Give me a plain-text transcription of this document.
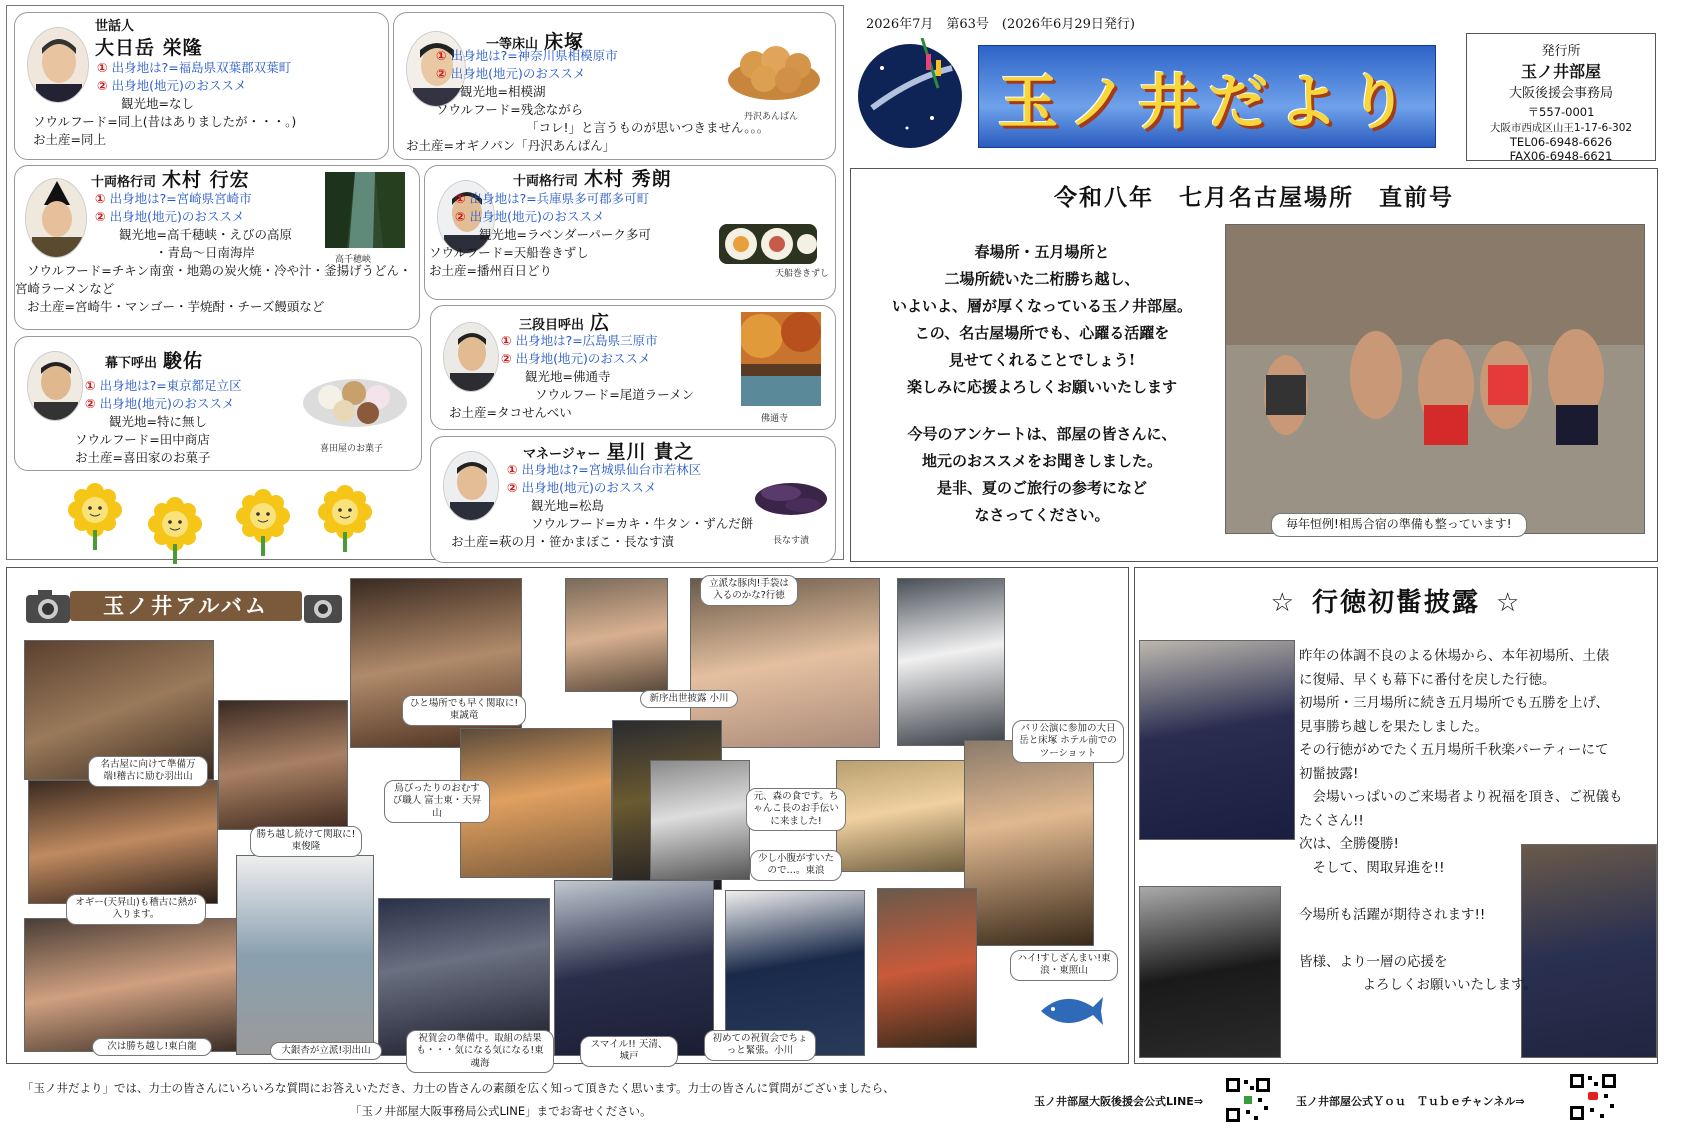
世話人
大日岳 栄隆
① 出身地は?=福島県双葉郡双葉町
② 出身地(地元)のおススメ
観光地=なし
ソウルフード=同上(昔はありましたが・・・。)
お土産=同上
一等床山 床塚
① 出身地は?=神奈川県相模原市
② 出身地(地元)のおススメ
観光地=相模湖
ソウルフード=残念ながら
「コレ!」と言うものが思いつきません。。。
お土産=オギノパン「丹沢あんぱん」
丹沢あんぱん
十両格行司 木村 行宏
① 出身地は?=宮崎県宮崎市
② 出身地(地元)のおススメ
観光地=高千穂峡・えびの高原
・青島～日南海岸
ソウルフード=チキン南蛮・地鶏の炭火焼・冷や汁・釜揚げうどん・
宮崎ラーメンなど
お土産=宮崎牛・マンゴー・芋焼酎・チーズ饅頭など
高千穂峡
十両格行司 木村 秀朗
① 出身地は?=兵庫県多可郡多可町
② 出身地(地元)のおススメ
観光地=ラベンダーパーク多可
ソウルフード=天船巻きずし
お土産=播州百日どり	天船巻きずし
三段目呼出 広
① 出身地は?=広島県三原市
② 出身地(地元)のおススメ
観光地=佛通寺
ソウルフード=尾道ラーメン
お土産=タコせんべい	佛通寺
幕下呼出 駿佑
① 出身地は?=東京都足立区
② 出身地(地元)のおススメ
観光地=特に無し
ソウルフード=田中商店
お土産=喜田家のお菓子
喜田屋のお菓子	マネージャー 星川 貴之
① 出身地は?=宮城県仙台市若林区
② 出身地(地元)のおススメ
観光地=松島
ソウルフード=カキ・牛タン・ずんだ餅
お土産=萩の月・笹かまぼこ・長なす漬	長なす漬
2026年7月　第63号　(2026年6月29日発行)
玉ノ井だより
発行所
玉ノ井部屋
大阪後援会事務局
〒557-0001
大阪市西成区山王1-17-6-302
TEL06-6948-6626
FAX06-6948-6621
令和八年　七月名古屋場所　直前号
春場所・五月場所と
二場所続いた二桁勝ち越し、
いよいよ、層が厚くなっている玉ノ井部屋。
この、名古屋場所でも、心躍る活躍を
見せてくれることでしょう!
楽しみに応援よろしくお願いいたします
今号のアンケートは、部屋の皆さんに、
地元のおススメをお聞きしました。
是非、夏のご旅行の参考になど
なさってください。	毎年恒例!相馬合宿の準備も整っています!
玉ノ井アルバム
名古屋に向けて準備万端!稽古に励む羽出山
ひと場所でも早く関取に!東誠竜
立派な豚肉!手袋は入るのかな?行徳
新序出世披露 小川
パリ公演に参加の大日岳と床塚 ホテル前でのツーショット
鳥びったりのおむすび職人 富士東・天昇山
勝ち越し続けて関取に!東俊隆
元、森の食です。ちゃんこ長のお手伝いに来ました!
少し小腹がすいたので…。東浪
オギー(天昇山)も稽古に熱が入ります。
ハイ!すしざんまい!東浪・東照山
次は勝ち越し!東白龍	大銀杏が立派!羽出山
祝賀会の準備中。取組の結果も・・・気になる気になる!東魂海
スマイル!! 天清、城戸
初めての祝賀会でちょっと緊張。小川
☆ 行徳初髷披露 ☆
昨年の体調不良のよる休場から、本年初場所、土俵
に復帰、早くも幕下に番付を戻した行徳。
初場所・三月場所に続き五月場所でも五勝を上げ、
見事勝ち越しを果たしました。
その行徳がめでたく五月場所千秋楽パーティーにて
初髷披露!
　会場いっぱいのご来場者より祝福を頂き、ご祝儀も
たくさん!!
次は、全勝優勝!
　そして、関取昇進を!!
今場所も活躍が期待されます!!
皆様、より一層の応援を
　よろしくお願いいたします。
「玉ノ井だより」では、力士の皆さんにいろいろな質問にお答えいただき、力士の皆さんの素顔を広く知って頂きたく思います。力士の皆さんに質問がございましたら、
「玉ノ井部屋大阪事務局公式LINE」までお寄せください。
玉ノ井部屋大阪後援会公式LINE⇒	玉ノ井部屋公式Ｙｏｕ　Ｔｕｂｅチャンネル⇒
